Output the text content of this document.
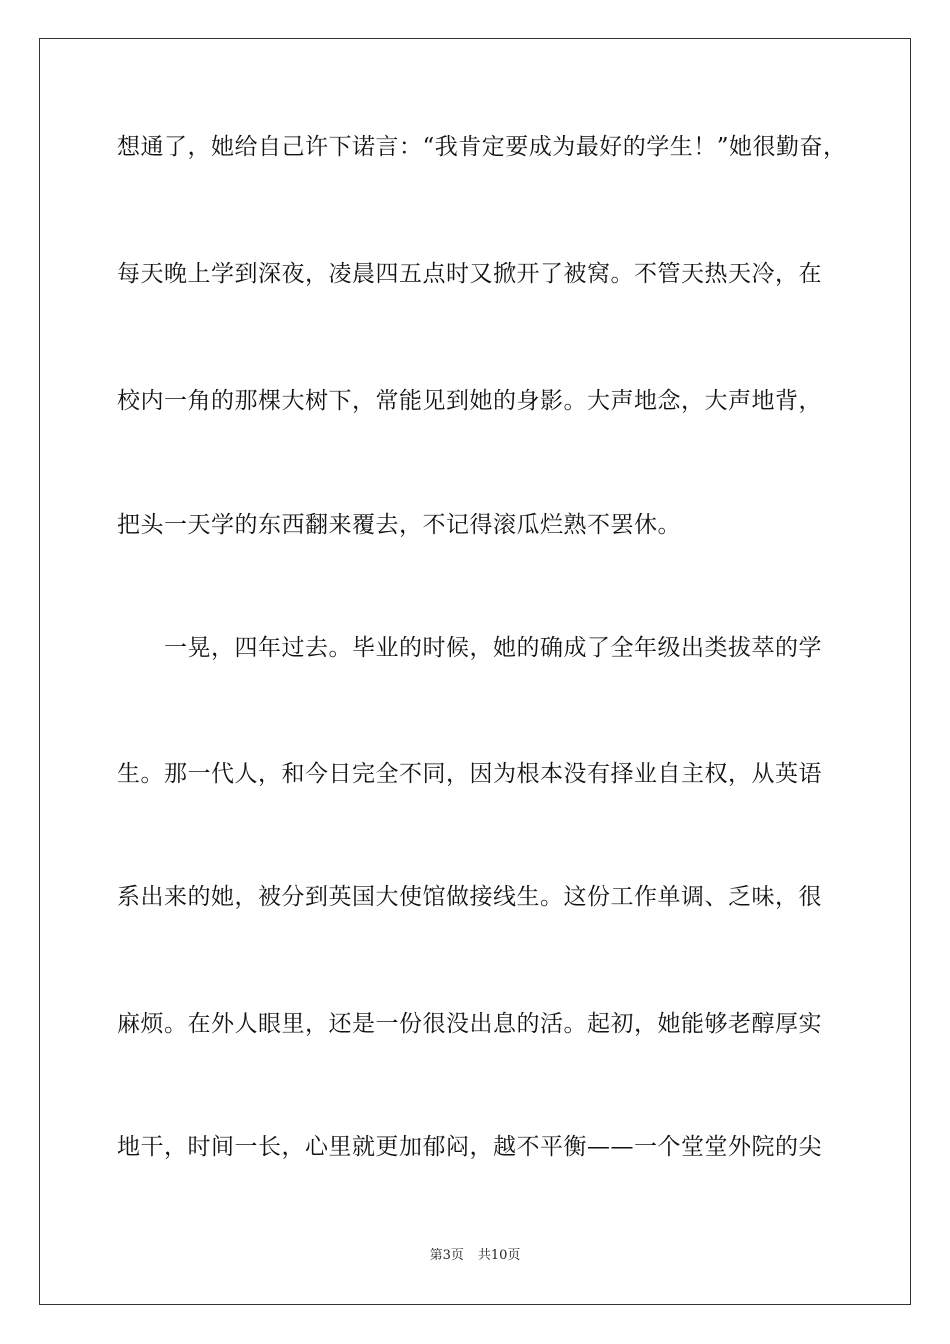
想通了，她给自己许下诺言：“我肯定要成为最好的学生！”她很勤奋，
每天晚上学到深夜，凌晨四五点时又掀开了被窝。不管天热天冷，在
校内一角的那棵大树下，常能见到她的身影。大声地念，大声地背，
把头一天学的东西翻来覆去，不记得滚瓜烂熟不罢休。
　　一晃，四年过去。毕业的时候，她的确成了全年级出类拔萃的学
生。那一代人，和今日完全不同，因为根本没有择业自主权，从英语
系出来的她，被分到英国大使馆做接线生。这份工作单调、乏味，很
麻烦。在外人眼里，还是一份很没出息的活。起初，她能够老醇厚实
地干，时间一长，心里就更加郁闷，越不平衡——一个堂堂外院的尖
第3页 共10页
